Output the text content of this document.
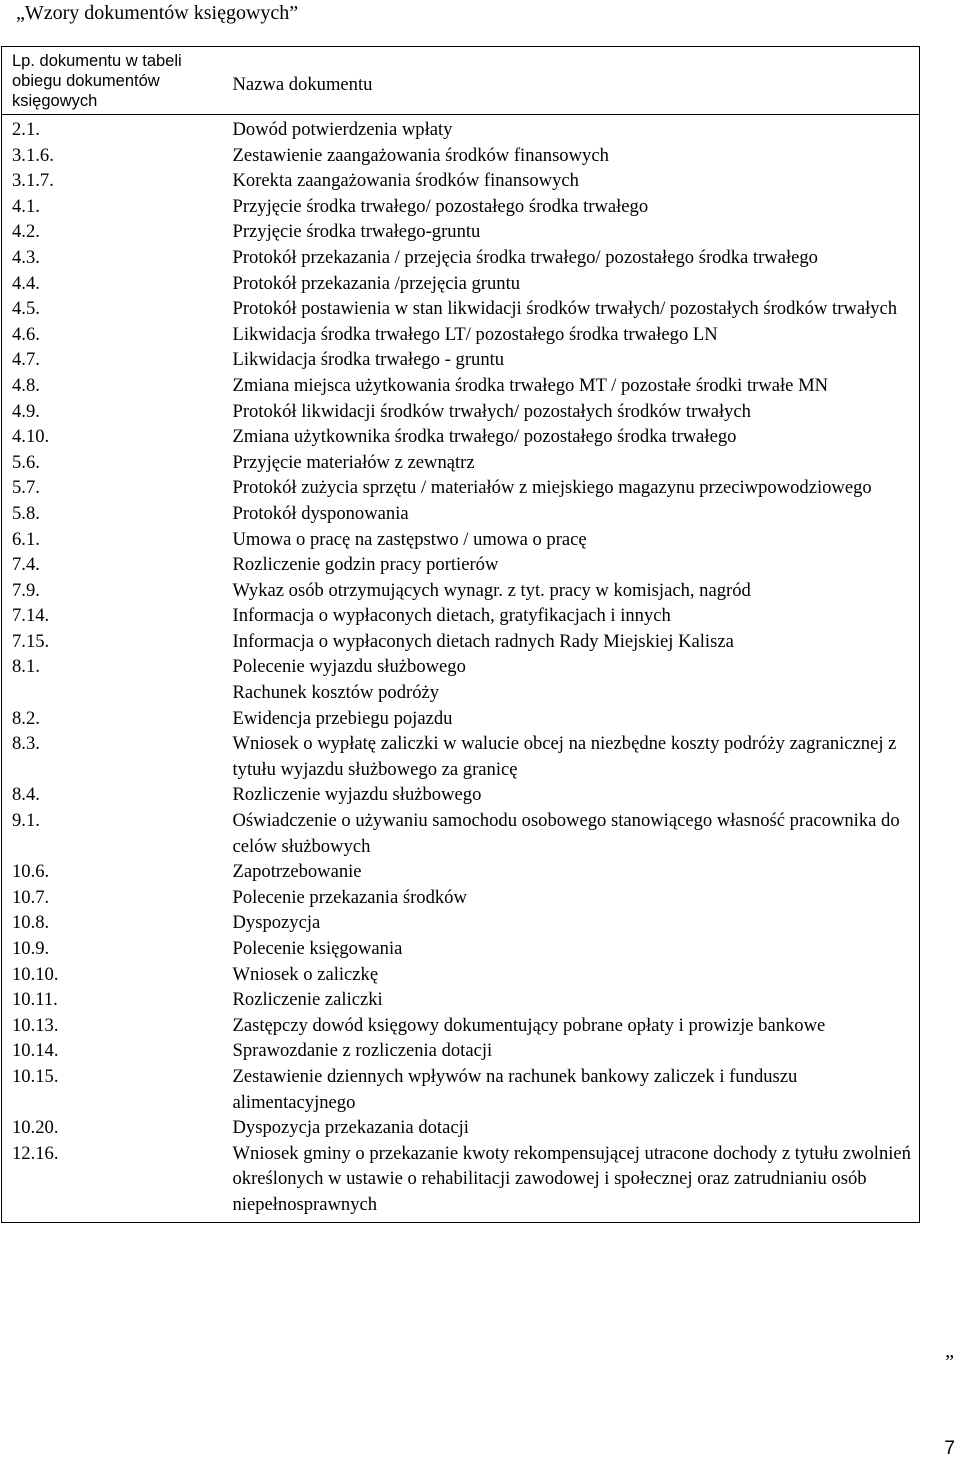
„Wzory dokumentów księgowych”
Lp. dokumentu w tabeli obiegu dokumentów księgowych	Nazwa dokumentu
2.1.	Dowód potwierdzenia wpłaty
3.1.6.	Zestawienie zaangażowania środków finansowych
3.1.7.	Korekta zaangażowania środków finansowych
4.1.	Przyjęcie środka trwałego/ pozostałego środka trwałego
4.2.	Przyjęcie środka trwałego-gruntu
4.3.	Protokół przekazania / przejęcia środka trwałego/ pozostałego środka trwałego
4.4.	Protokół przekazania /przejęcia gruntu
4.5.	Protokół postawienia w stan likwidacji środków trwałych/ pozostałych środków trwałych
4.6.	Likwidacja środka trwałego LT/ pozostałego środka trwałego LN
4.7.	Likwidacja środka trwałego - gruntu
4.8.	Zmiana miejsca użytkowania środka trwałego MT / pozostałe środki trwałe MN
4.9.	Protokół likwidacji środków trwałych/ pozostałych środków trwałych
4.10.	Zmiana użytkownika środka trwałego/ pozostałego środka trwałego
5.6.	Przyjęcie materiałów z zewnątrz
5.7.	Protokół zużycia sprzętu / materiałów z miejskiego magazynu przeciwpowodziowego
5.8.	Protokół dysponowania
6.1.	Umowa o pracę na zastępstwo / umowa o pracę
7.4.	Rozliczenie godzin pracy portierów
7.9.	Wykaz osób otrzymujących wynagr. z tyt. pracy w komisjach, nagród
7.14.	Informacja o wypłaconych dietach, gratyfikacjach i innych
7.15.	Informacja o wypłaconych dietach radnych Rady Miejskiej Kalisza
8.1.	Polecenie wyjazdu służbowego
	Rachunek kosztów podróży
8.2.	Ewidencja przebiegu pojazdu
8.3.	Wniosek o wypłatę zaliczki w walucie obcej na niezbędne koszty podróży zagranicznej z tytułu wyjazdu służbowego za granicę
8.4.	Rozliczenie wyjazdu służbowego
9.1.	Oświadczenie o używaniu samochodu osobowego stanowiącego własność pracownika do celów służbowych
10.6.	Zapotrzebowanie
10.7.	Polecenie przekazania środków
10.8.	Dyspozycja
10.9.	Polecenie księgowania
10.10.	Wniosek o zaliczkę
10.11.	Rozliczenie zaliczki
10.13.	Zastępczy dowód księgowy dokumentujący pobrane opłaty i prowizje bankowe
10.14.	Sprawozdanie z rozliczenia dotacji
10.15.	Zestawienie dziennych wpływów na rachunek bankowy zaliczek i funduszu alimentacyjnego
10.20.	Dyspozycja przekazania dotacji
12.16.	Wniosek gminy o przekazanie kwoty rekompensującej utracone dochody z tytułu zwolnień określonych w ustawie o rehabilitacji zawodowej i społecznej oraz zatrudnianiu osób niepełnosprawnych
”
7
